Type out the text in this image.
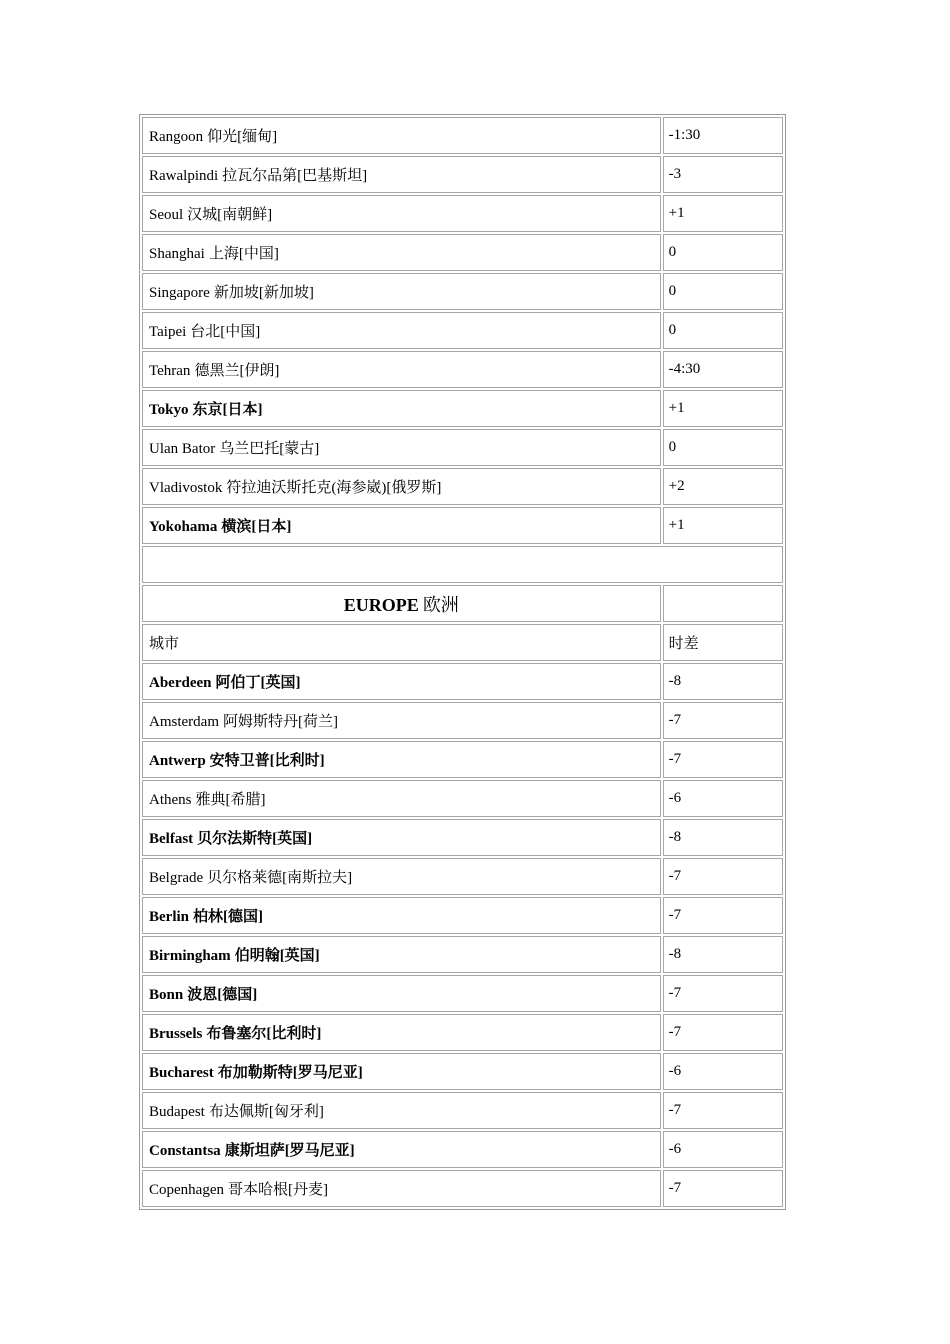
Rangoon 仰光[缅甸]	-1:30
Rawalpindi 拉瓦尔品第[巴基斯坦]	-3
Seoul 汉城[南朝鲜]	+1
Shanghai 上海[中国]	0
Singapore 新加坡[新加坡]	0
Taipei 台北[中国]	0
Tehran 德黑兰[伊朗]	-4:30
Tokyo 东京[日本]	+1
Ulan Bator 乌兰巴托[蒙古]	0
Vladivostok 符拉迪沃斯托克(海参崴)[俄罗斯]	+2
Yokohama 横滨[日本]	+1

EUROPE 欧洲	
城市	时差
Aberdeen 阿伯丁[英国]	-8
Amsterdam 阿姆斯特丹[荷兰]	-7
Antwerp 安特卫普[比利时]	-7
Athens 雅典[希腊]	-6
Belfast 贝尔法斯特[英国]	-8
Belgrade 贝尔格莱德[南斯拉夫]	-7
Berlin 柏林[德国]	-7
Birmingham 伯明翰[英国]	-8
Bonn 波恩[德国]	-7
Brussels 布鲁塞尔[比利时]	-7
Bucharest 布加勒斯特[罗马尼亚]	-6
Budapest 布达佩斯[匈牙利]	-7
Constantsa 康斯坦萨[罗马尼亚]	-6
Copenhagen 哥本哈根[丹麦]	-7
